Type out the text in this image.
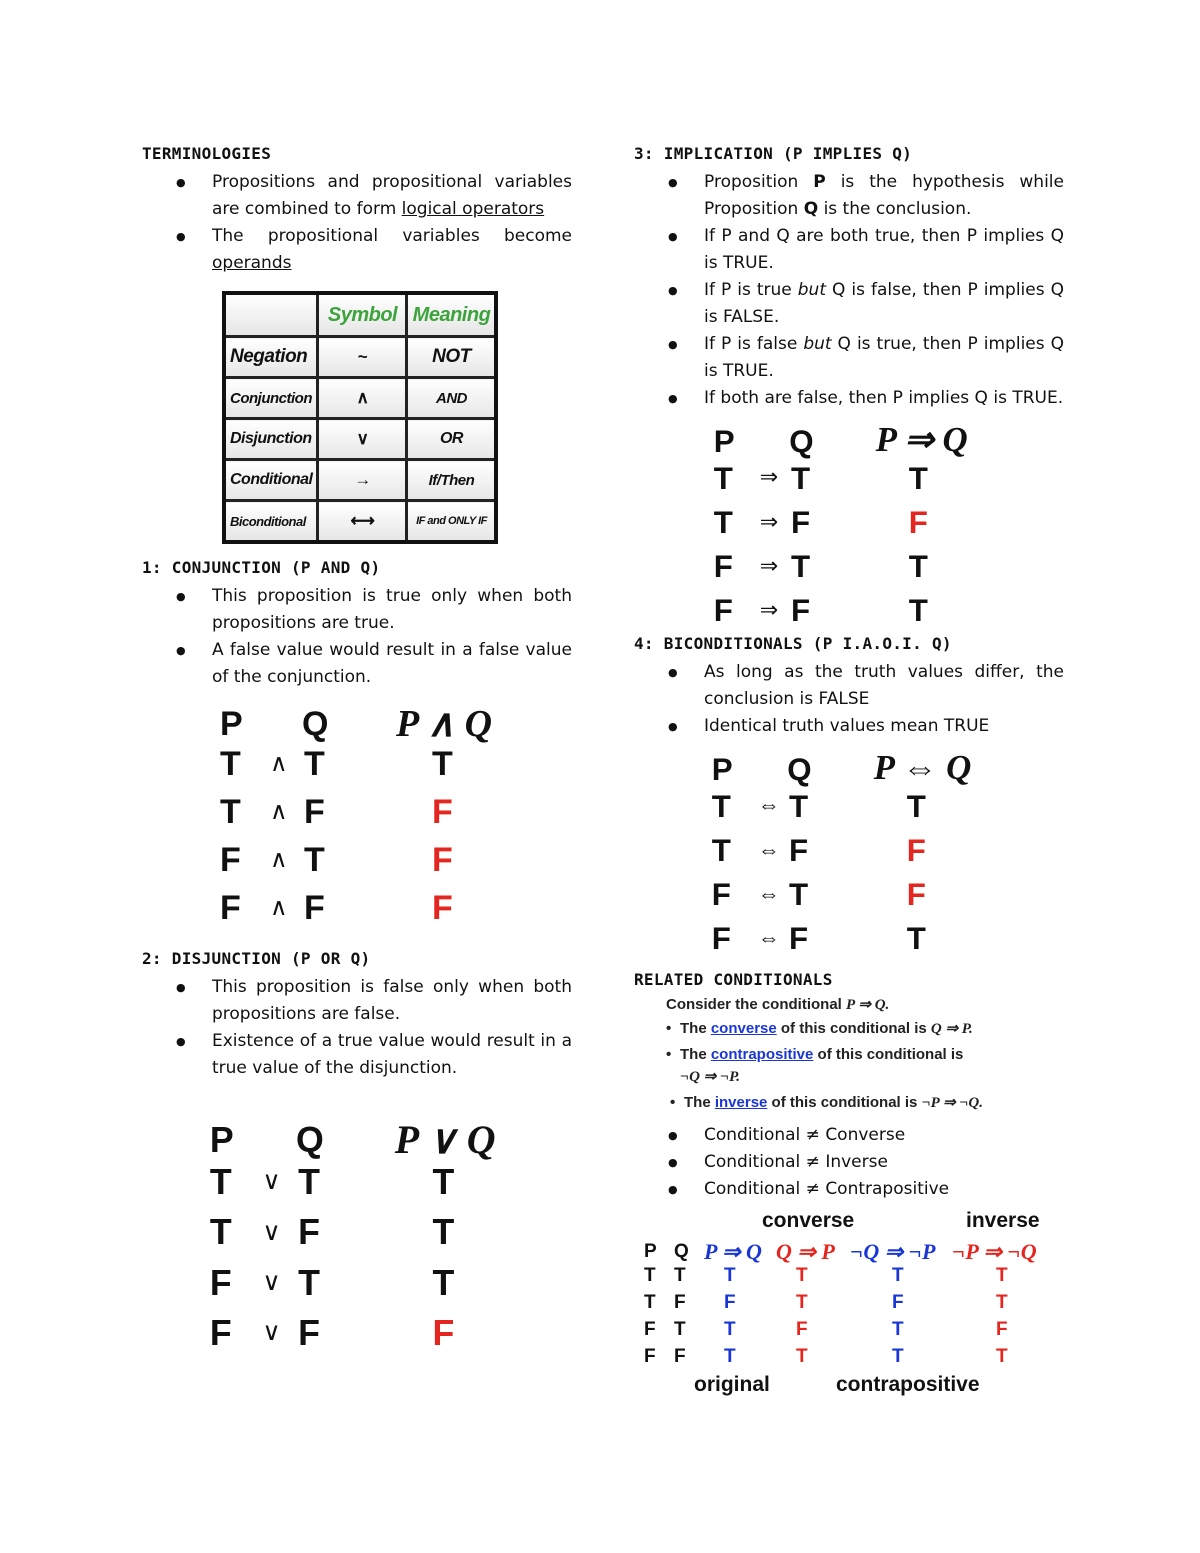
TERMINOLOGIES
● Propositions and propositional variables are combined to form logical operators
● The propositional variables become operands
	Symbol	Meaning
Negation	~	NOT
Conjunction	∧	AND
Disjunction	∨	OR
Conditional	→	If/Then
Biconditional	⟷	IF and ONLY IF
1: CONJUNCTION (P AND Q)
● This proposition is true only when both propositions are true.
● A false value would result in a false value of the conjunction.
P Q P ∧ Q
T ∧ T	T
T ∧ F	F
F ∧ T	F
F ∧ F	F
2: DISJUNCTION (P OR Q)
● This proposition is false only when both propositions are false.
● Existence of a true value would result in a true value of the disjunction.
P Q P ∨ Q
T ∨ T	T
T ∨ F	T
F ∨ T	T
F ∨ F	F
3: IMPLICATION (P IMPLIES Q)
● Proposition P is the hypothesis while Proposition Q is the conclusion.
● If P and Q are both true, then P implies Q is TRUE.
● If P is true but Q is false, then P implies Q is FALSE.
● If P is false but Q is true, then P implies Q is TRUE.
● If both are false, then P implies Q is TRUE.
P Q P ⇒ Q
T ⇒ T	T
T ⇒ F	F
F ⇒ T	T
F ⇒ F	T
4: BICONDITIONALS (P I.A.O.I. Q)
● As long as the truth values differ, the conclusion is FALSE
● Identical truth values mean TRUE
P Q P ⇔ Q
T ⇔ T	T
T ⇔ F	F
F ⇔ T	F
F ⇔ F	T
RELATED CONDITIONALS
Consider the conditional P ⇒ Q.
• The converse of this conditional is Q ⇒ P.
• The contrapositive of this conditional is
¬Q ⇒ ¬P.
• The inverse of this conditional is ¬P ⇒ ¬Q.
● Conditional ≠ Converse
● Conditional ≠ Inverse
● Conditional ≠ Contrapositive
converse	inverse
P Q P ⇒ Q Q ⇒ P ¬Q ⇒ ¬P ¬P ⇒ ¬Q
T T T	T	T	T
T F F	T	F	T
F T T	F	T	F
F F T	T	T	T
original	contrapositive
